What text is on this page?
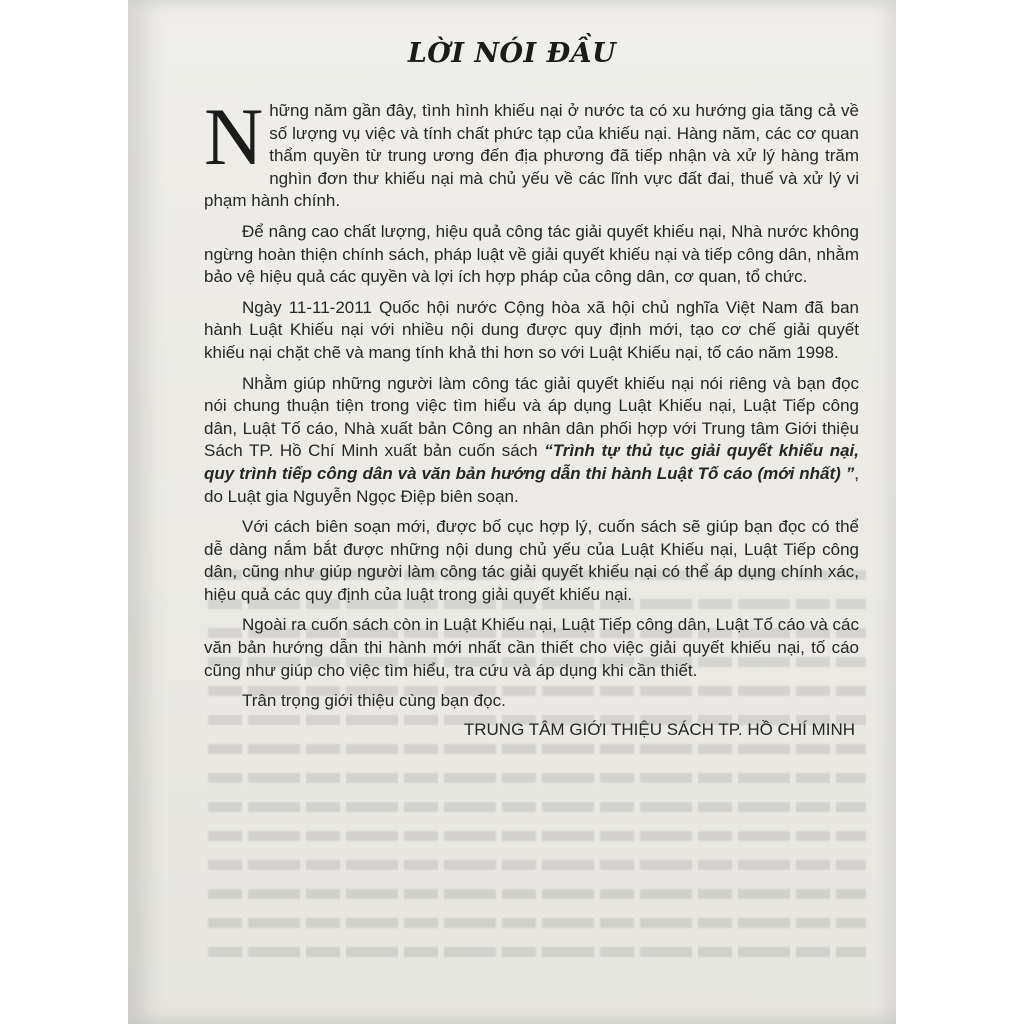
LỜI NÓI ĐẦU

Những năm gần đây, tình hình khiếu nại ở nước ta có xu hướng gia tăng cả về số lượng vụ việc và tính chất phức tạp của khiếu nại. Hàng năm, các cơ quan thẩm quyền từ trung ương đến địa phương đã tiếp nhận và xử lý hàng trăm nghìn đơn thư khiếu nại mà chủ yếu về các lĩnh vực đất đai, thuế và xử lý vi phạm hành chính.

Để nâng cao chất lượng, hiệu quả công tác giải quyết khiếu nại, Nhà nước không ngừng hoàn thiện chính sách, pháp luật về giải quyết khiếu nại và tiếp công dân, nhằm bảo vệ hiệu quả các quyền và lợi ích hợp pháp của công dân, cơ quan, tổ chức.

Ngày 11-11-2011 Quốc hội nước Cộng hòa xã hội chủ nghĩa Việt Nam đã ban hành Luật Khiếu nại với nhiều nội dung được quy định mới, tạo cơ chế giải quyết khiếu nại chặt chẽ và mang tính khả thi hơn so với Luật Khiếu nại, tố cáo năm 1998.

Nhằm giúp những người làm công tác giải quyết khiếu nại nói riêng và bạn đọc nói chung thuận tiện trong việc tìm hiểu và áp dụng Luật Khiếu nại, Luật Tiếp công dân, Luật Tố cáo, Nhà xuất bản Công an nhân dân phối hợp với Trung tâm Giới thiệu Sách TP. Hồ Chí Minh xuất bản cuốn sách “Trình tự thủ tục giải quyết khiếu nại, quy trình tiếp công dân và văn bản hướng dẫn thi hành Luật Tố cáo (mới nhất) ”, do Luật gia Nguyễn Ngọc Điệp biên soạn.

Với cách biên soạn mới, được bố cục hợp lý, cuốn sách sẽ giúp bạn đọc có thể dễ dàng nắm bắt được những nội dung chủ yếu của Luật Khiếu nại, Luật Tiếp công dân, cũng như giúp người làm công tác giải quyết khiếu nại có thể áp dụng chính xác, hiệu quả các quy định của luật trong giải quyết khiếu nại.

Ngoài ra cuốn sách còn in Luật Khiếu nại, Luật Tiếp công dân, Luật Tố cáo và các văn bản hướng dẫn thi hành mới nhất cần thiết cho việc giải quyết khiếu nại, tố cáo cũng như giúp cho việc tìm hiểu, tra cứu và áp dụng khi cần thiết.

Trân trọng giới thiệu cùng bạn đọc.

TRUNG TÂM GIỚI THIỆU SÁCH TP. HỒ CHÍ MINH
